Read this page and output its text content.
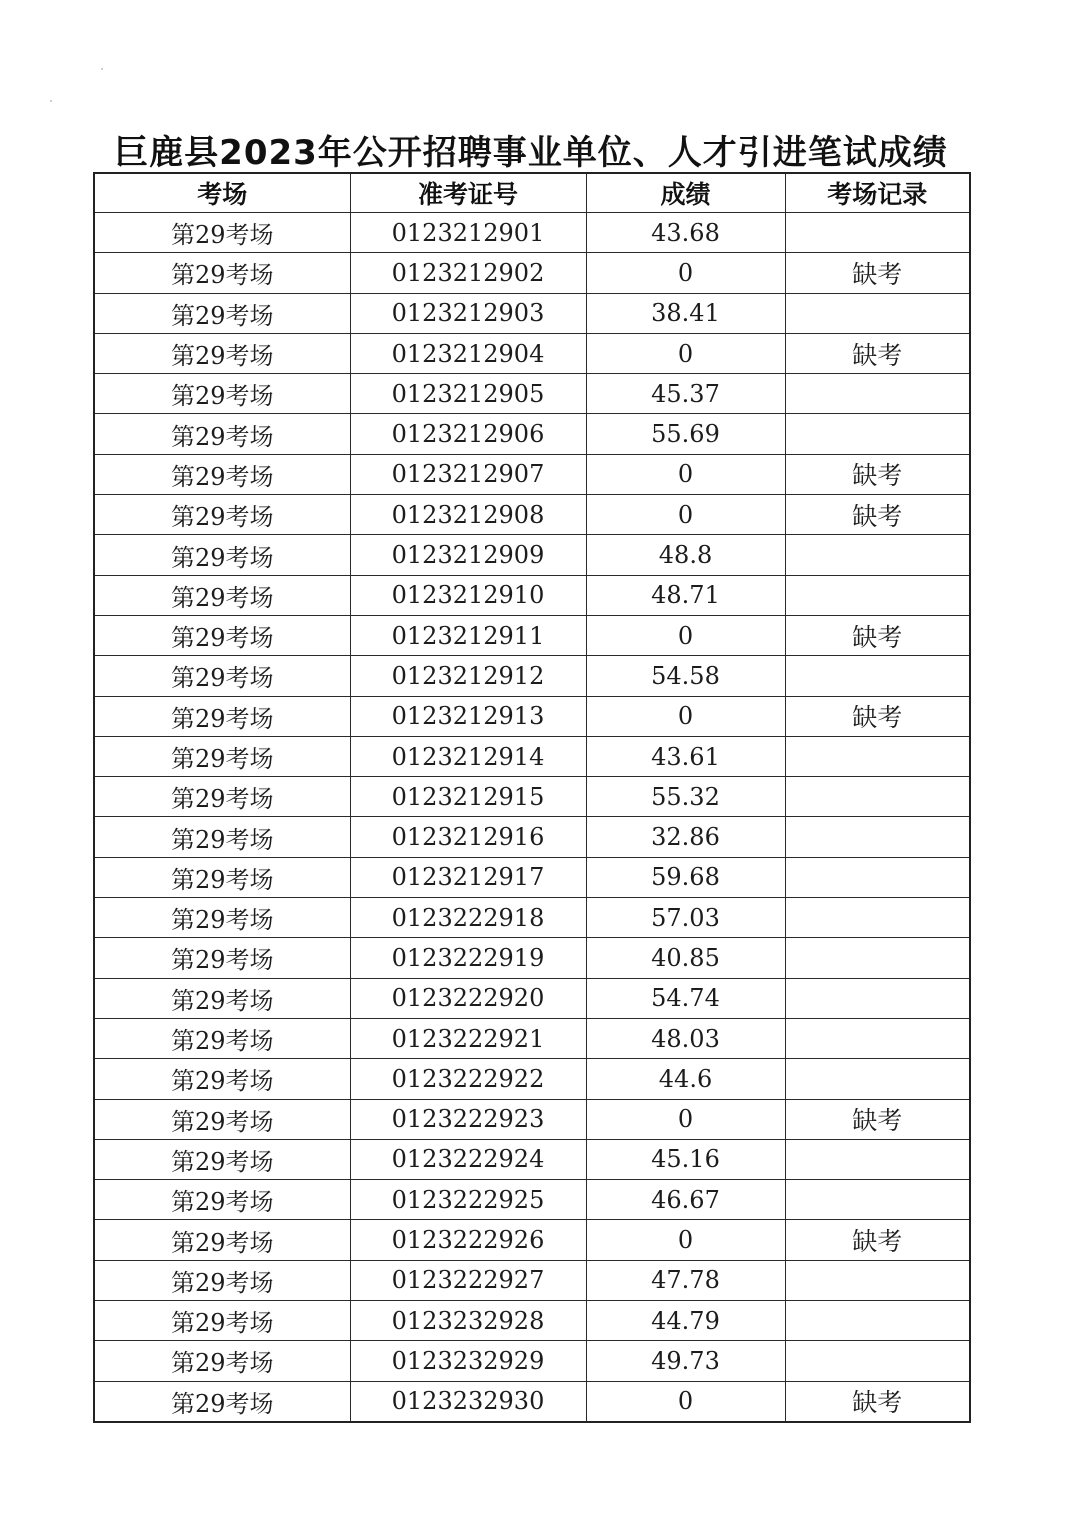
巨鹿县2023年公开招聘事业单位、人才引进笔试成绩
考场	准考证号	成绩	考场记录
第29考场	0123212901	43.68	
第29考场	0123212902	0	缺考
第29考场	0123212903	38.41	
第29考场	0123212904	0	缺考
第29考场	0123212905	45.37	
第29考场	0123212906	55.69	
第29考场	0123212907	0	缺考
第29考场	0123212908	0	缺考
第29考场	0123212909	48.8	
第29考场	0123212910	48.71	
第29考场	0123212911	0	缺考
第29考场	0123212912	54.58	
第29考场	0123212913	0	缺考
第29考场	0123212914	43.61	
第29考场	0123212915	55.32	
第29考场	0123212916	32.86	
第29考场	0123212917	59.68	
第29考场	0123222918	57.03	
第29考场	0123222919	40.85	
第29考场	0123222920	54.74	
第29考场	0123222921	48.03	
第29考场	0123222922	44.6	
第29考场	0123222923	0	缺考
第29考场	0123222924	45.16	
第29考场	0123222925	46.67	
第29考场	0123222926	0	缺考
第29考场	0123222927	47.78	
第29考场	0123232928	44.79	
第29考场	0123232929	49.73	
第29考场	0123232930	0	缺考
